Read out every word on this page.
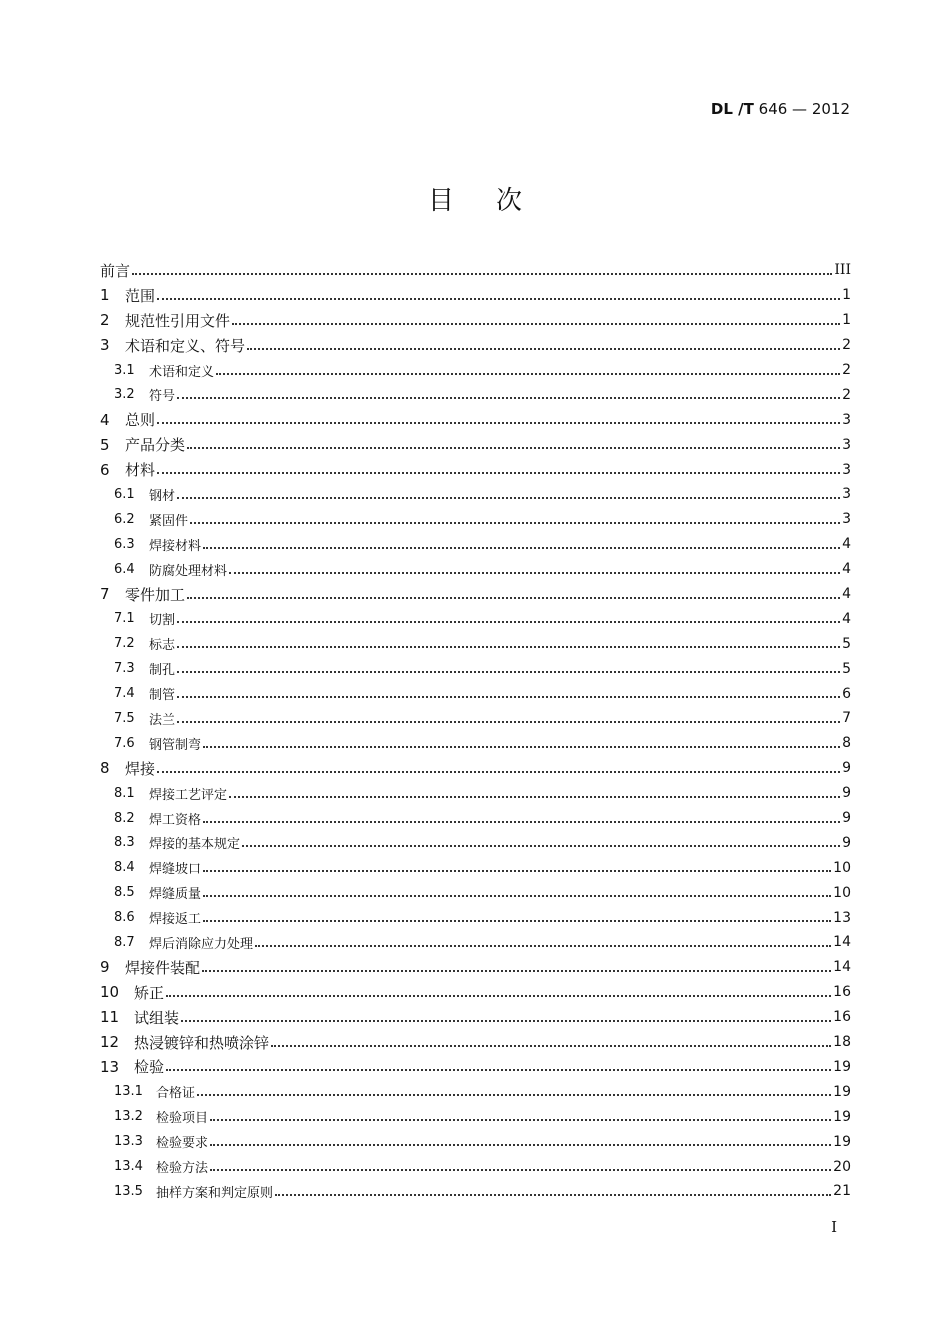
DL /T 646 — 2012
目 次
前言	III
1	范围	1
2	规范性引用文件	1
3	术语和定义、符号	2
3.1	术语和定义	2
3.2	符号	2
4	总则	3
5	产品分类	3
6	材料	3
6.1	钢材	3
6.2	紧固件	3
6.3	焊接材料	4
6.4	防腐处理材料	4
7	零件加工	4
7.1	切割	4
7.2	标志	5
7.3	制孔	5
7.4	制管	6
7.5	法兰	7
7.6	钢管制弯	8
8	焊接	9
8.1	焊接工艺评定	9
8.2	焊工资格	9
8.3	焊接的基本规定	9
8.4	焊缝坡口	10
8.5	焊缝质量	10
8.6	焊接返工	13
8.7	焊后消除应力处理	14
9	焊接件装配	14
10 矫正	16
11 试组装	16
12 热浸镀锌和热喷涂锌	18
13 检验	19
13.1	合格证	19
13.2	检验项目	19
13.3	检验要求	19
13.4	检验方法	20
13.5	抽样方案和判定原则	21
I
